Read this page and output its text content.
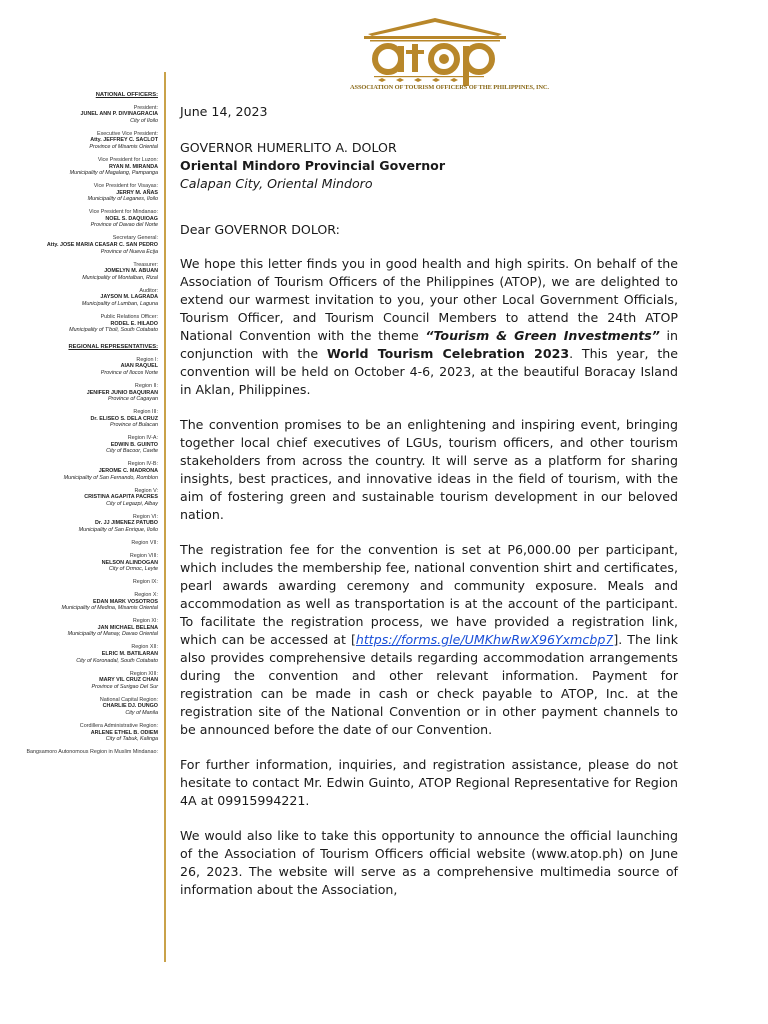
ASSOCIATION OF TOURISM OFFICERS OF THE PHILIPPINES, INC.
NATIONAL OFFICERS:
President:
JUNEL ANN P. DIVINAGRACIA
City of Iloilo
Executive Vice President:
Atty. JEFFREY C. SACLOT
Province of Misamis Oriental
Vice President for Luzon:
RYAN M. MIRANDA
Municipality of Magalang, Pampanga
Vice President for Visayas:
JERRY M. AÑAS
Municipality of Leganes, Iloilo
Vice President for Mindanao:
NOEL S. DAQUIOAG
Province of Davao del Norte
Secretary General:
Atty. JOSE MARIA CEASAR C. SAN PEDRO
Province of Nueva Ecija
Treasurer:
JOMELYN M. ABUAN
Municipality of Montalban, Rizal
Auditor:
JAYSON M. LAGRADA
Municipality of Lumban, Laguna
Public Relations Officer:
RODEL E. HILADO
Municipality of T'boli, South Cotabato
REGIONAL REPRESENTATIVES:
Region I:
AIAN RAQUEL
Province of Ilocos Norte
Region II:
JENIFER JUNIO BAQUIRAN
Province of Cagayan
Region III:
Dr. ELISEO S. DELA CRUZ
Province of Bulacan
Region IV-A:
EDWIN B. GUINTO
City of Bacoor, Cavite
Region IV-B:
JEROME C. MADRONA
Municipality of San Fernando, Romblon
Region V:
CRISTINA AGAPITA PACRES
City of Legazpi, Albay
Region VI:
Dr. JJ JIMENEZ PATUBO
Municipality of San Enrique, Iloilo
Region VII:
Region VIII:
NELSON ALINDOGAN
City of Ormoc, Leyte
Region IX:
Region X:
EDAN MARK VOSOTROS
Municipality of Medina, Misamis Oriental
Region XI:
JAN MICHAEL BELENA
Municipality of Manay, Davao Oriental
Region XII:
ELRIC M. BATILARAN
City of Koronadal, South Cotabato
Region XIII:
MARY VIL CRUZ CHAN
Province of Surigao Del Sur
National Capital Region:
CHARLIE DJ. DUNGO
City of Manila
Cordillera Administrative Region:
ARLENE ETHEL B. ODIEM
City of Tabuk, Kalinga
Bangsamoro Autonomous Region in Muslim Mindanao:
June 14, 2023
GOVERNOR HUMERLITO A. DOLOR
Oriental Mindoro Provincial Governor
Calapan City, Oriental Mindoro
Dear GOVERNOR DOLOR:

We hope this letter finds you in good health and high spirits. On behalf of the Association of Tourism Officers of the Philippines (ATOP), we are delighted to extend our warmest invitation to you, your other Local Government Officials, Tourism Officer, and Tourism Council Members to attend the 24th ATOP National Convention with the theme “Tourism & Green Investments” in conjunction with the World Tourism Celebration 2023. This year, the convention will be held on October 4-6, 2023, at the beautiful Boracay Island in Aklan, Philippines.

The convention promises to be an enlightening and inspiring event, bringing together local chief executives of LGUs, tourism officers, and other tourism stakeholders from across the country. It will serve as a platform for sharing insights, best practices, and innovative ideas in the field of tourism, with the aim of fostering green and sustainable tourism development in our beloved nation.

The registration fee for the convention is set at P6,000.00 per participant, which includes the membership fee, national convention shirt and certificates, pearl awards awarding ceremony and community exposure. Meals and accommodation as well as transportation is at the account of the participant. To facilitate the registration process, we have provided a registration link, which can be accessed at [https://forms.gle/UMKhwRwX96Yxmcbp7]. The link also provides comprehensive details regarding accommodation arrangements during the convention and other relevant information. Payment for registration can be made in cash or check payable to ATOP, Inc. at the registration site of the National Convention or in other payment channels to be announced before the date of our Convention.

For further information, inquiries, and registration assistance, please do not hesitate to contact Mr. Edwin Guinto, ATOP Regional Representative for Region 4A at 09915994221.

We would also like to take this opportunity to announce the official launching of the Association of Tourism Officers official website (www.atop.ph) on June 26, 2023. The website will serve as a comprehensive multimedia source of information about the Association,
